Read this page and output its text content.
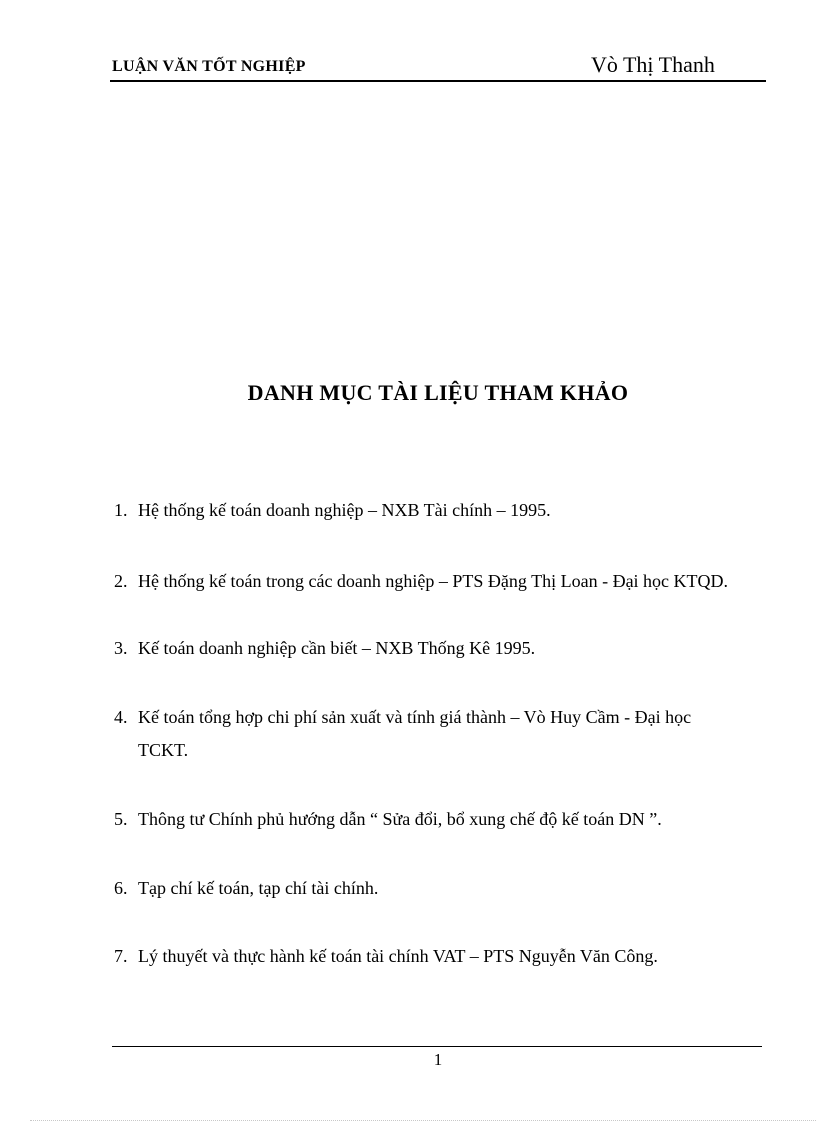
LUẬN VĂN TỐT NGHIỆP	Vò Thị Thanh
DANH MỤC TÀI LIỆU THAM KHẢO
1. Hệ thống kế toán doanh nghiệp – NXB Tài chính – 1995.
2. Hệ thống kế toán trong các doanh nghiệp – PTS Đặng Thị Loan - Đại học KTQD.
3. Kế toán doanh nghiệp cần biết – NXB Thống Kê 1995.
4. Kế toán tổng hợp chi phí sản xuất và tính giá thành – Vò Huy Cầm - Đại học TCKT.
5. Thông tư Chính phủ hướng dẫn “ Sửa đổi, bổ xung chế độ kế toán DN ”.
6. Tạp chí kế toán, tạp chí tài chính.
7. Lý thuyết và thực hành kế toán tài chính VAT – PTS Nguyễn Văn Công.
1
